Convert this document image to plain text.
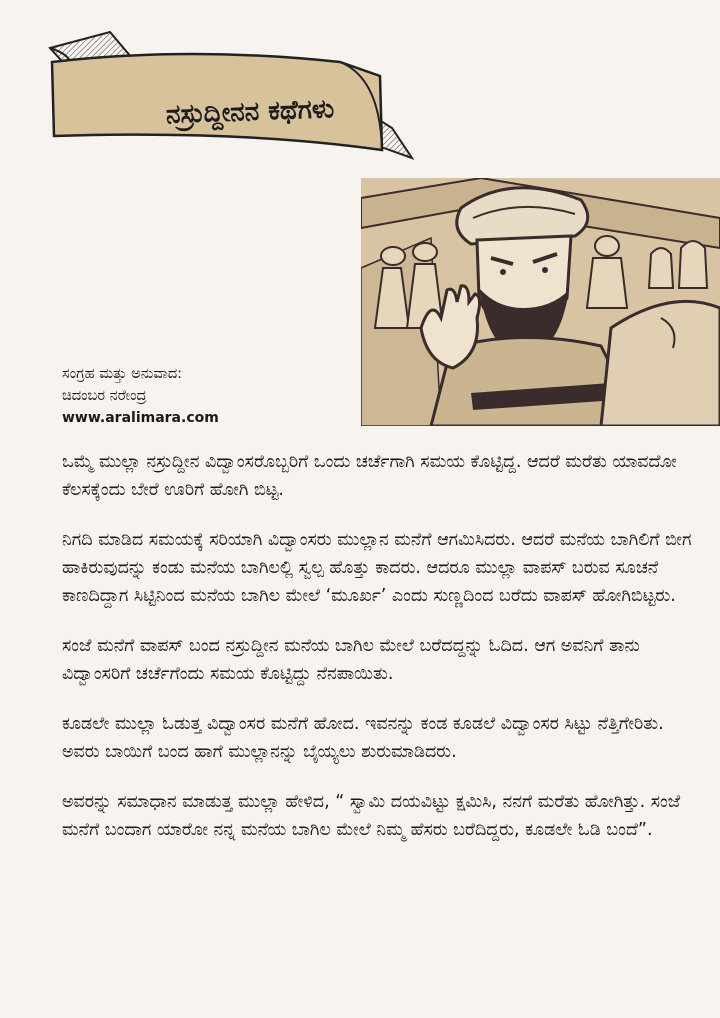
ನಸ್ರುದ್ದೀನನ ಕಥೆಗಳು
ಸಂಗ್ರಹ ಮತ್ತು ಅನುವಾದ:
ಚಿದಂಬರ ನರೇಂದ್ರ
www.aralimara.com

ಒಮ್ಮೆ ಮುಲ್ಲಾ ನಸ್ರುದ್ದೀನ ವಿದ್ವಾಂಸರೊಬ್ಬರಿಗೆ ಒಂದು ಚರ್ಚೆಗಾಗಿ ಸಮಯ ಕೊಟ್ಟಿದ್ದ. ಆದರೆ ಮರೆತು ಯಾವದೋ ಕೆಲಸಕ್ಕೆಂದು ಬೇರೆ ಊರಿಗೆ ಹೋಗಿ ಬಿಟ್ಟ.

ನಿಗದಿ ಮಾಡಿದ ಸಮಯಕ್ಕೆ ಸರಿಯಾಗಿ ವಿದ್ವಾಂಸರು ಮುಲ್ಲಾನ ಮನೆಗೆ ಆಗಮಿಸಿದರು. ಆದರೆ ಮನೆಯ ಬಾಗಿಲಿಗೆ ಬೀಗ ಹಾಕಿರುವುದನ್ನು ಕಂಡು ಮನೆಯ ಬಾಗಿಲಲ್ಲಿ ಸ್ವಲ್ಪ ಹೊತ್ತು ಕಾದರು. ಆದರೂ ಮುಲ್ಲಾ ವಾಪಸ್ ಬರುವ ಸೂಚನೆ ಕಾಣದಿದ್ದಾಗ ಸಿಟ್ಟಿನಿಂದ ಮನೆಯ ಬಾಗಿಲ ಮೇಲೆ ‘ಮೂರ್ಖ’ ಎಂದು ಸುಣ್ಣದಿಂದ ಬರೆದು ವಾಪಸ್ ಹೋಗಿಬಿಟ್ಟರು.

ಸಂಜೆ ಮನೆಗೆ ವಾಪಸ್ ಬಂದ ನಸ್ರುದ್ದೀನ ಮನೆಯ ಬಾಗಿಲ ಮೇಲೆ ಬರೆದದ್ದನ್ನು ಓದಿದ. ಆಗ ಅವನಿಗೆ ತಾನು ವಿದ್ವಾಂಸರಿಗೆ ಚರ್ಚೆಗೆಂದು ಸಮಯ ಕೊಟ್ಟಿದ್ದು ನೆನಪಾಯಿತು.

ಕೂಡಲೇ ಮುಲ್ಲಾ ಓಡುತ್ತ ವಿದ್ವಾಂಸರ ಮನೆಗೆ ಹೋದ. ಇವನನ್ನು ಕಂಡ ಕೂಡಲೆ ವಿದ್ವಾಂಸರ ಸಿಟ್ಟು ನೆತ್ತಿಗೇರಿತು. ಅವರು ಬಾಯಿಗೆ ಬಂದ ಹಾಗೆ ಮುಲ್ಲಾನನ್ನು ಬೈಯ್ಯಲು ಶುರುಮಾಡಿದರು.

ಅವರನ್ನು ಸಮಾಧಾನ ಮಾಡುತ್ತ ಮುಲ್ಲಾ ಹೇಳಿದ, “ ಸ್ವಾಮಿ ದಯವಿಟ್ಟು ಕ್ಷಮಿಸಿ, ನನಗೆ ಮರೆತು ಹೋಗಿತ್ತು. ಸಂಜೆ ಮನೆಗೆ ಬಂದಾಗ ಯಾರೋ ನನ್ನ ಮನೆಯ ಬಾಗಿಲ ಮೇಲೆ ನಿಮ್ಮ ಹೆಸರು ಬರೆದಿದ್ದರು, ಕೂಡಲೇ ಓಡಿ ಬಂದೆ”.
